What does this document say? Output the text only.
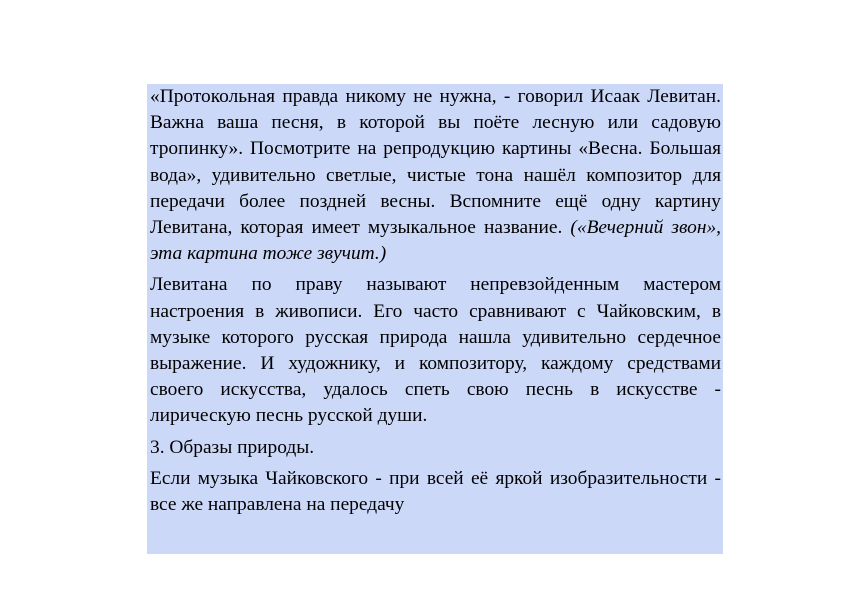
«Протокольная правда никому не нужна, - говорил Исаак Левитан. Важна ваша песня, в которой вы поёте лесную или садовую тропинку». Посмотрите на репродукцию картины «Весна. Большая вода», удивительно светлые, чистые тона нашёл композитор для передачи более поздней весны. Вспомните ещё одну картину Левитана, которая имеет музыкальное название. («Вечерний звон», эта картина тоже звучит.)

Левитана по праву называют непревзойденным мастером настроения в живописи. Его часто сравнивают с Чайковским, в музыке которого русская природа нашла удивительно сердечное выражение. И художнику, и композитору, каждому средствами своего искусства, удалось спеть свою песнь в искусстве - лирическую песнь русской души.

3. Образы природы.

Если музыка Чайковского - при всей её яркой изобразительности - все же направлена на передачу
